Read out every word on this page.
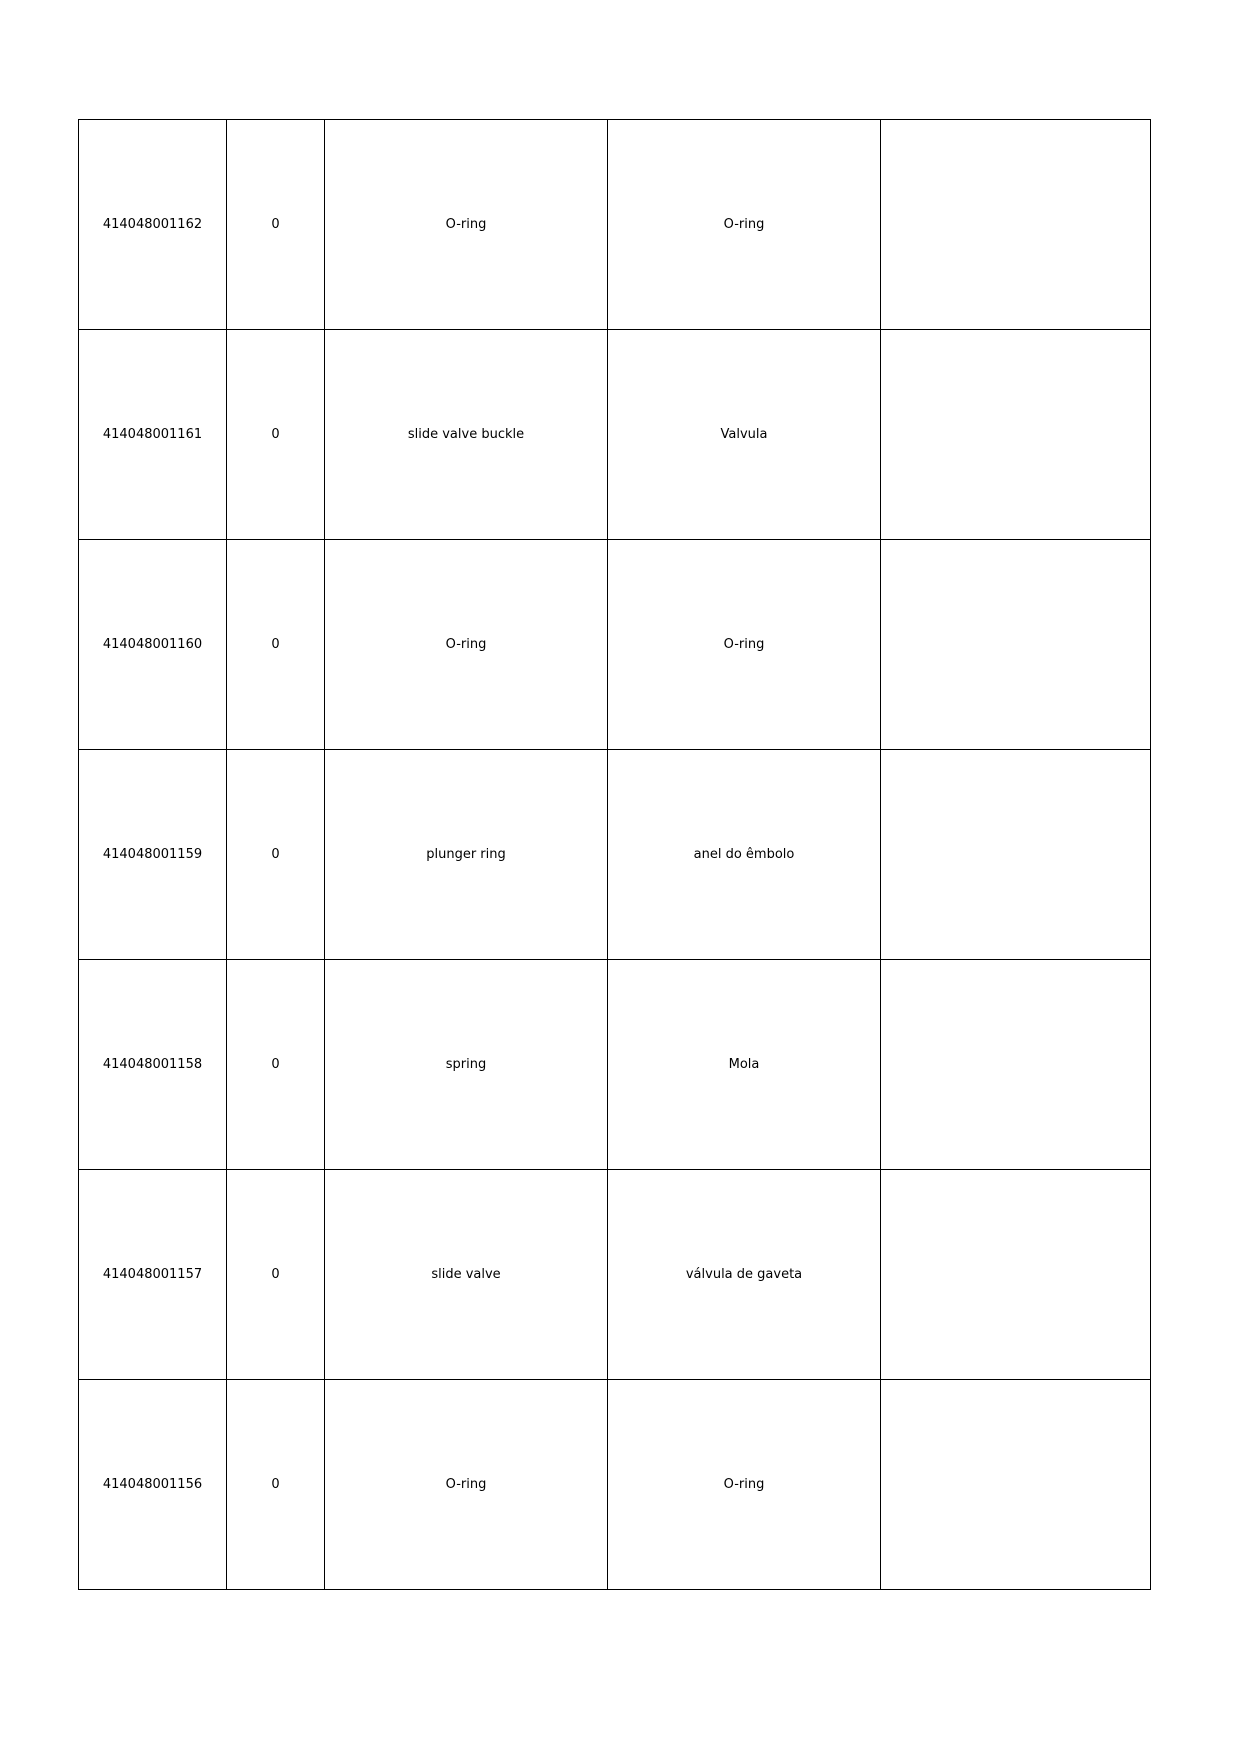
414048001162	0	O-ring	O-ring	
414048001161	0	slide valve buckle	Valvula	
414048001160	0	O-ring	O-ring	
414048001159	0	plunger ring	anel do êmbolo	
414048001158	0	spring	Mola	
414048001157	0	slide valve	válvula de gaveta	
414048001156	0	O-ring	O-ring	
